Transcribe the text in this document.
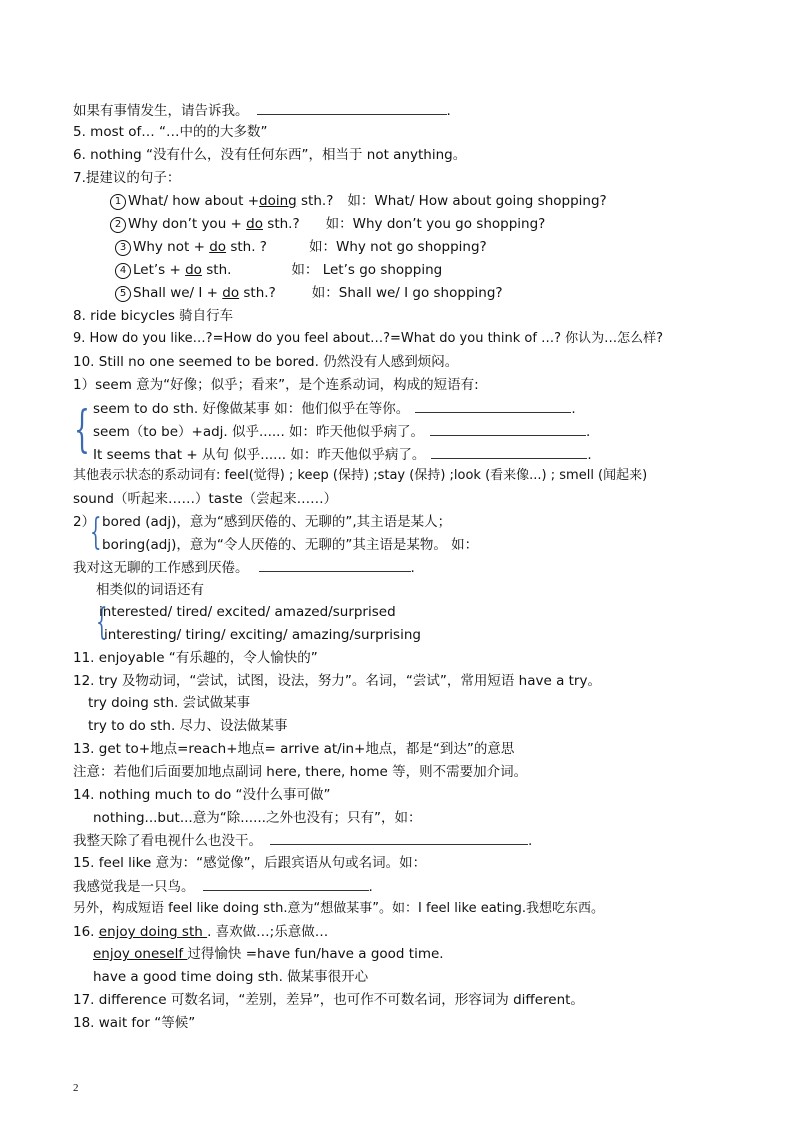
如果有事情发生，请告诉我。	.
5. most of… “…中的的大多数”
6. nothing “没有什么，没有任何东西”，相当于 not anything。
7.提建议的句子：
1 What/ how about +doing sth.? 如：What/ How about going shopping?
2 Why don’t you + do sth.? 如：Why don’t you go shopping?
3 Why not + do sth. ?	如：Why not go shopping?
4 Let’s + do sth.	如： Let’s go shopping
5 Shall we/ I + do sth.?	如：Shall we/ I go shopping?
8. ride bicycles 骑自行车
9. How do you like…?=How do you feel about…?=What do you think of …? 你认为…怎么样?
10. Still no one seemed to be bored. 仍然没有人感到烦闷。
1）seem 意为“好像；似乎；看来”，是个连系动词，构成的短语有:
{ seem to do sth. 好像做某事 如：他们似乎在等你。	.
seem（to be）+adj. 似乎...... 如：昨天他似乎病了。	.
It seems that + 从句 似乎...... 如：昨天他似乎病了。	.
其他表示状态的系动词有: feel(觉得) ; keep (保持) ;stay (保持) ;look (看来像...) ; smell (闻起来)
sound（听起来……）taste（尝起来……）
2）
{ bored (adj)，意为“感到厌倦的、无聊的”,其主语是某人；
boring(adj)，意为“令人厌倦的、无聊的”其主语是某物。 如：
我对这无聊的工作感到厌倦。	.
相类似的词语还有
{
interested/ tired/ excited/ amazed/surprised
interesting/ tiring/ exciting/ amazing/surprising
11. enjoyable “有乐趣的，令人愉快的”
12. try 及物动词，“尝试，试图，设法，努力”。名词，“尝试”，常用短语 have a try。
try doing sth. 尝试做某事
try to do sth. 尽力、设法做某事
13. get to+地点=reach+地点= arrive at/in+地点，都是“到达”的意思
注意：若他们后面要加地点副词 here, there, home 等，则不需要加介词。
14. nothing much to do “没什么事可做”
nothing...but...意为“除......之外也没有；只有”，如：
我整天除了看电视什么也没干。	.
15. feel like 意为：“感觉像”，后跟宾语从句或名词。如：
我感觉我是一只鸟。	.
另外，构成短语 feel like doing sth.意为“想做某事”。如：I feel like eating.我想吃东西。
16. enjoy doing sth . 喜欢做…;乐意做…
enjoy oneself 过得愉快 =have fun/have a good time.
have a good time doing sth. 做某事很开心
17. difference 可数名词，“差别，差异”，也可作不可数名词，形容词为 different。
18. wait for “等候”
2
